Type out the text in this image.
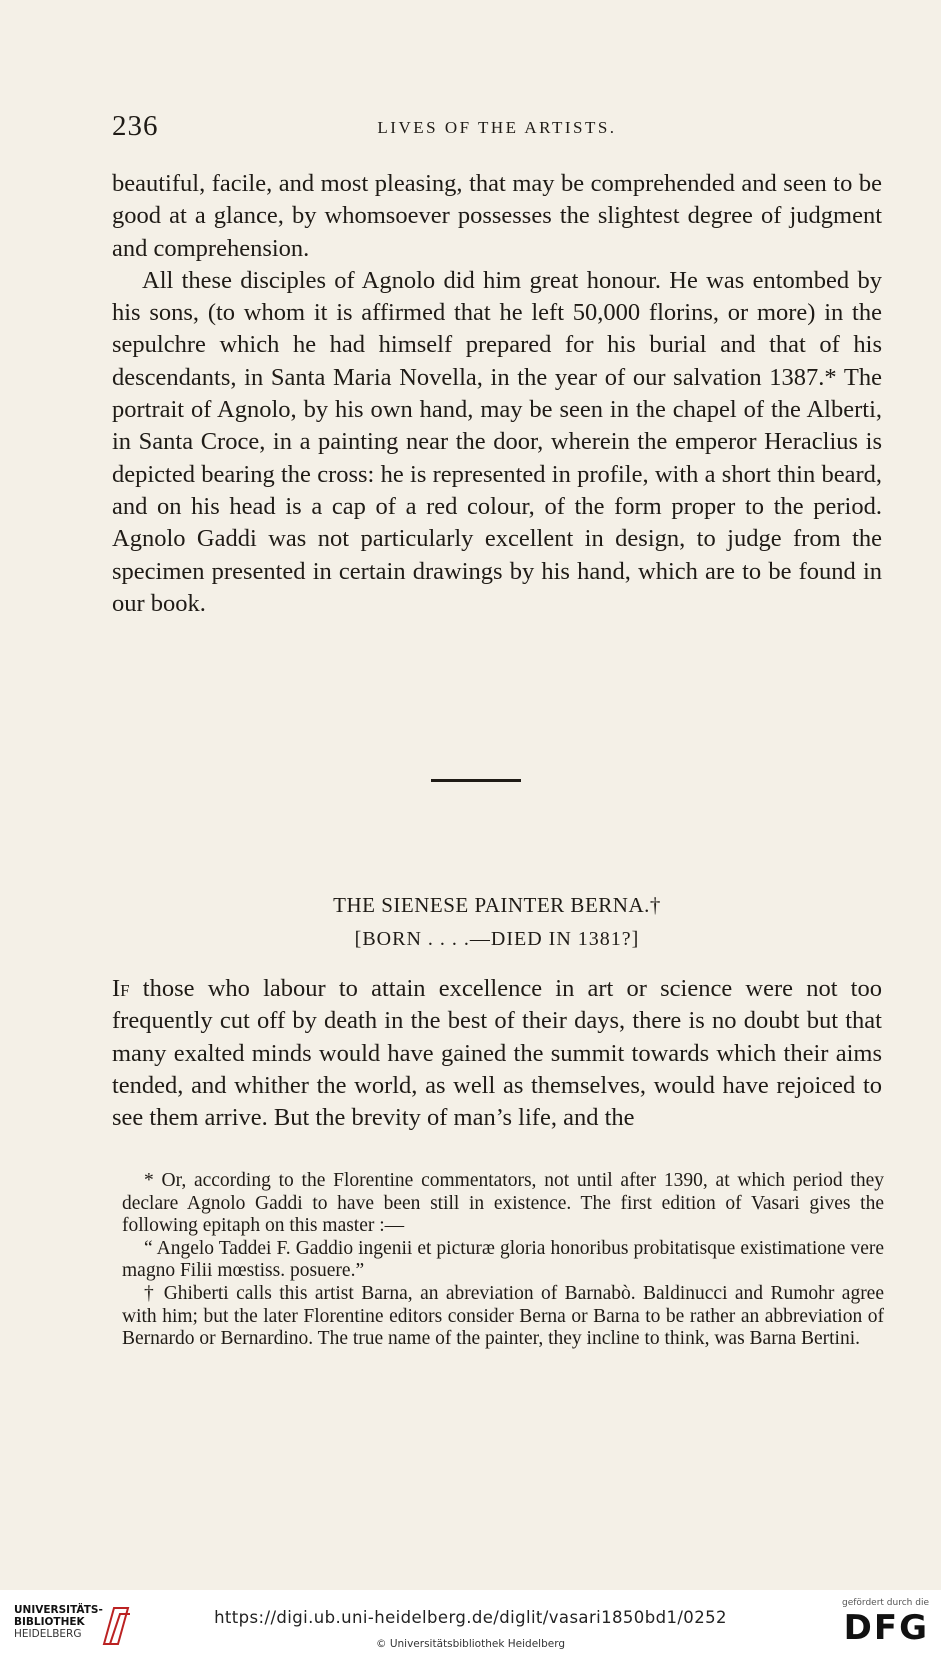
236	LIVES OF THE ARTISTS.

beautiful, facile, and most pleasing, that may be comprehended and seen to be good at a glance, by whomsoever possesses the slightest degree of judgment and comprehension.

All these disciples of Agnolo did him great honour. He was entombed by his sons, (to whom it is affirmed that he left 50,000 florins, or more) in the sepulchre which he had himself prepared for his burial and that of his descendants, in Santa Maria Novella, in the year of our salvation 1387.* The portrait of Agnolo, by his own hand, may be seen in the chapel of the Alberti, in Santa Croce, in a painting near the door, wherein the emperor Heraclius is depicted bearing the cross: he is represented in profile, with a short thin beard, and on his head is a cap of a red colour, of the form proper to the period. Agnolo Gaddi was not particularly excellent in design, to judge from the specimen presented in certain drawings by his hand, which are to be found in our book.

THE SIENESE PAINTER BERNA.†
[BORN . . . .—DIED IN 1381?]

If those who labour to attain excellence in art or science were not too frequently cut off by death in the best of their days, there is no doubt but that many exalted minds would have gained the summit towards which their aims tended, and whither the world, as well as themselves, would have rejoiced to see them arrive. But the brevity of man’s life, and the

* Or, according to the Florentine commentators, not until after 1390, at which period they declare Agnolo Gaddi to have been still in existence. The first edition of Vasari gives the following epitaph on this master :—

“ Angelo Taddei F. Gaddio ingenii et picturæ gloria honoribus probitatisque existimatione vere magno Filii mœstiss. posuere.”

† Ghiberti calls this artist Barna, an abreviation of Barnabò. Baldinucci and Rumohr agree with him; but the later Florentine editors consider Berna or Barna to be rather an abbreviation of Bernardo or Bernardino. The true name of the painter, they incline to think, was Barna Bertini.

UNIVERSITÄTS-
BIBLIOTHEK
HEIDELBERG
https://digi.ub.uni-heidelberg.de/diglit/vasari1850bd1/0252
© Universitätsbibliothek Heidelberg
gefördert durch die
DFG
